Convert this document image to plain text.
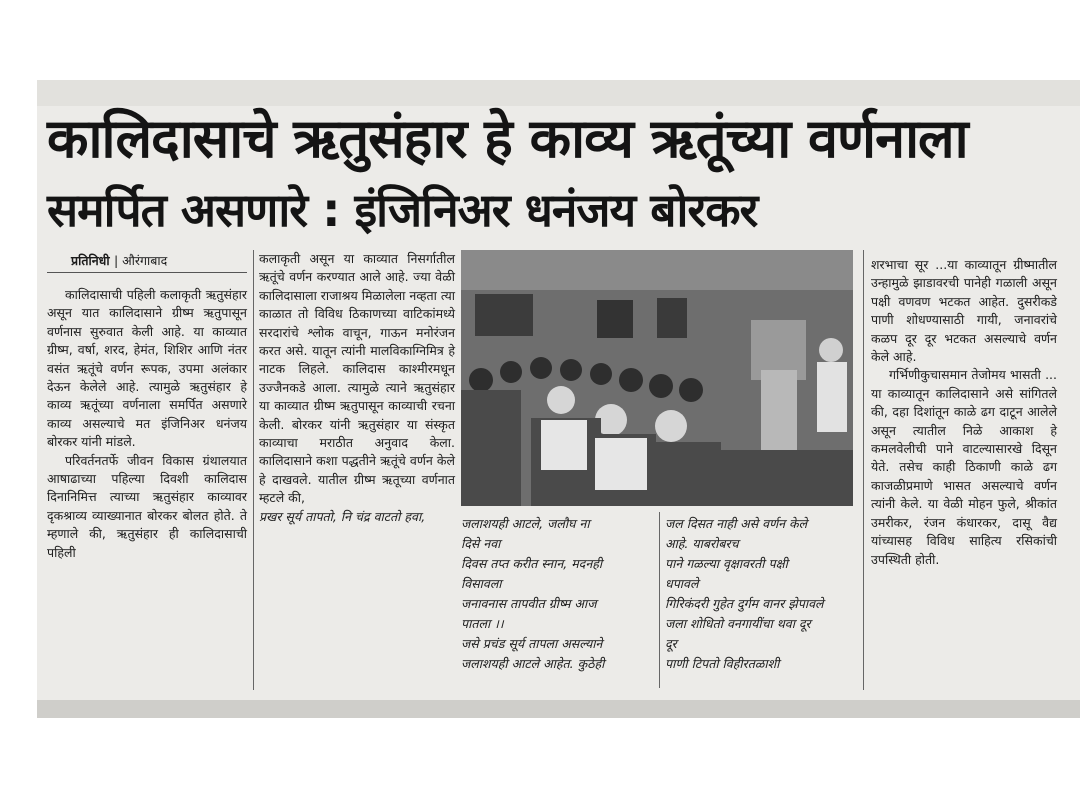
कालिदासाचे ऋतुसंहार हे काव्य ऋतूंच्या वर्णनाला
समर्पित असणारे : इंजिनिअर धनंजय बोरकर
प्रतिनिधी | औरंगाबाद

कालिदासाची पहिली कलाकृती ऋतुसंहार असून यात कालिदासाने ग्रीष्म ऋतुपासून वर्णनास सुरुवात केली आहे. या काव्यात ग्रीष्म, वर्षा, शरद, हेमंत, शिशिर आणि नंतर वसंत ऋतूंचे वर्णन रूपक, उपमा अलंकार देऊन केलेले आहे. त्यामुळे ऋतुसंहार हे काव्य ऋतूंच्या वर्णनाला समर्पित असणारे काव्य असल्याचे मत इंजिनिअर धनंजय बोरकर यांनी मांडले.

परिवर्तनतर्फे जीवन विकास ग्रंथालयात आषाढाच्या पहिल्या दिवशी कालिदास दिनानिमित्त त्याच्या ऋतुसंहार काव्यावर दृकश्राव्य व्याख्यानात बोरकर बोलत होते. ते म्हणाले की, ऋतुसंहार ही कालिदासाची पहिली

कलाकृती असून या काव्यात निसर्गातील ऋतूंचे वर्णन करण्यात आले आहे. ज्या वेळी कालिदासाला राजाश्रय मिळालेला नव्हता त्या काळात तो विविध ठिकाणच्या वाटिकांमध्ये सरदारांचे श्लोक वाचून, गाऊन मनोरंजन करत असे. यातून त्यांनी मालविकाग्निमित्र हे नाटक लिहले. कालिदास काश्मीरमधून उज्जैनकडे आला. त्यामुळे त्याने ऋतुसंहार या काव्यात ग्रीष्म ऋतुपासून काव्याची रचना केली. बोरकर यांनी ऋतुसंहार या संस्कृत काव्याचा मराठीत अनुवाद केला. कालिदासाने कशा पद्धतीने ऋतूंचे वर्णन केले हे दाखवले. यातील ग्रीष्म ऋतूच्या वर्णनात म्हटले की,

प्रखर सूर्य तापतो, नि चंद्र वाटतो हवा,	जलाशयही आटले, जलौघ ना

दिसे नवा

दिवस तप्त करीत स्नान, मदनही

विसावला

जनावनास तापवीत ग्रीष्म आज

पातला ।।

जसे प्रचंड सूर्य तापला असल्याने

जलाशयही आटले आहेत. कुठेही

जल दिसत नाही असे वर्णन केले

आहे. याबरोबरच

पाने गळल्या वृक्षावरती पक्षी

धपावले

गिरिकंदरी गुहेत दुर्गम वानर झेपावले

जला शोधितो वनगायींचा थवा दूर

दूर

पाणी टिपतो विहीरतळाशी

शरभाचा सूर ...या काव्यातून ग्रीष्मातील उन्हामुळे झाडावरची पानेही गळाली असून पक्षी वणवण भटकत आहेत. दुसरीकडे पाणी शोधण्यासाठी गायी, जनावरांचे कळप दूर दूर भटकत असल्याचे वर्णन केले आहे.

गर्भिणीकुचासमान तेजोमय भासती ... या काव्यातून कालिदासाने असे सांगितले की, दहा दिशांतून काळे ढग दाटून आलेले असून त्यातील निळे आकाश हे कमलवेलीची पाने वाटल्यासारखे दिसून येते. तसेच काही ठिकाणी काळे ढग काजळीप्रमाणे भासत असल्याचे वर्णन त्यांनी केले. या वेळी मोहन फुले, श्रीकांत उमरीकर, रंजन कंधारकर, दासू वैद्य यांच्यासह विविध साहित्य रसिकांची उपस्थिती होती.
